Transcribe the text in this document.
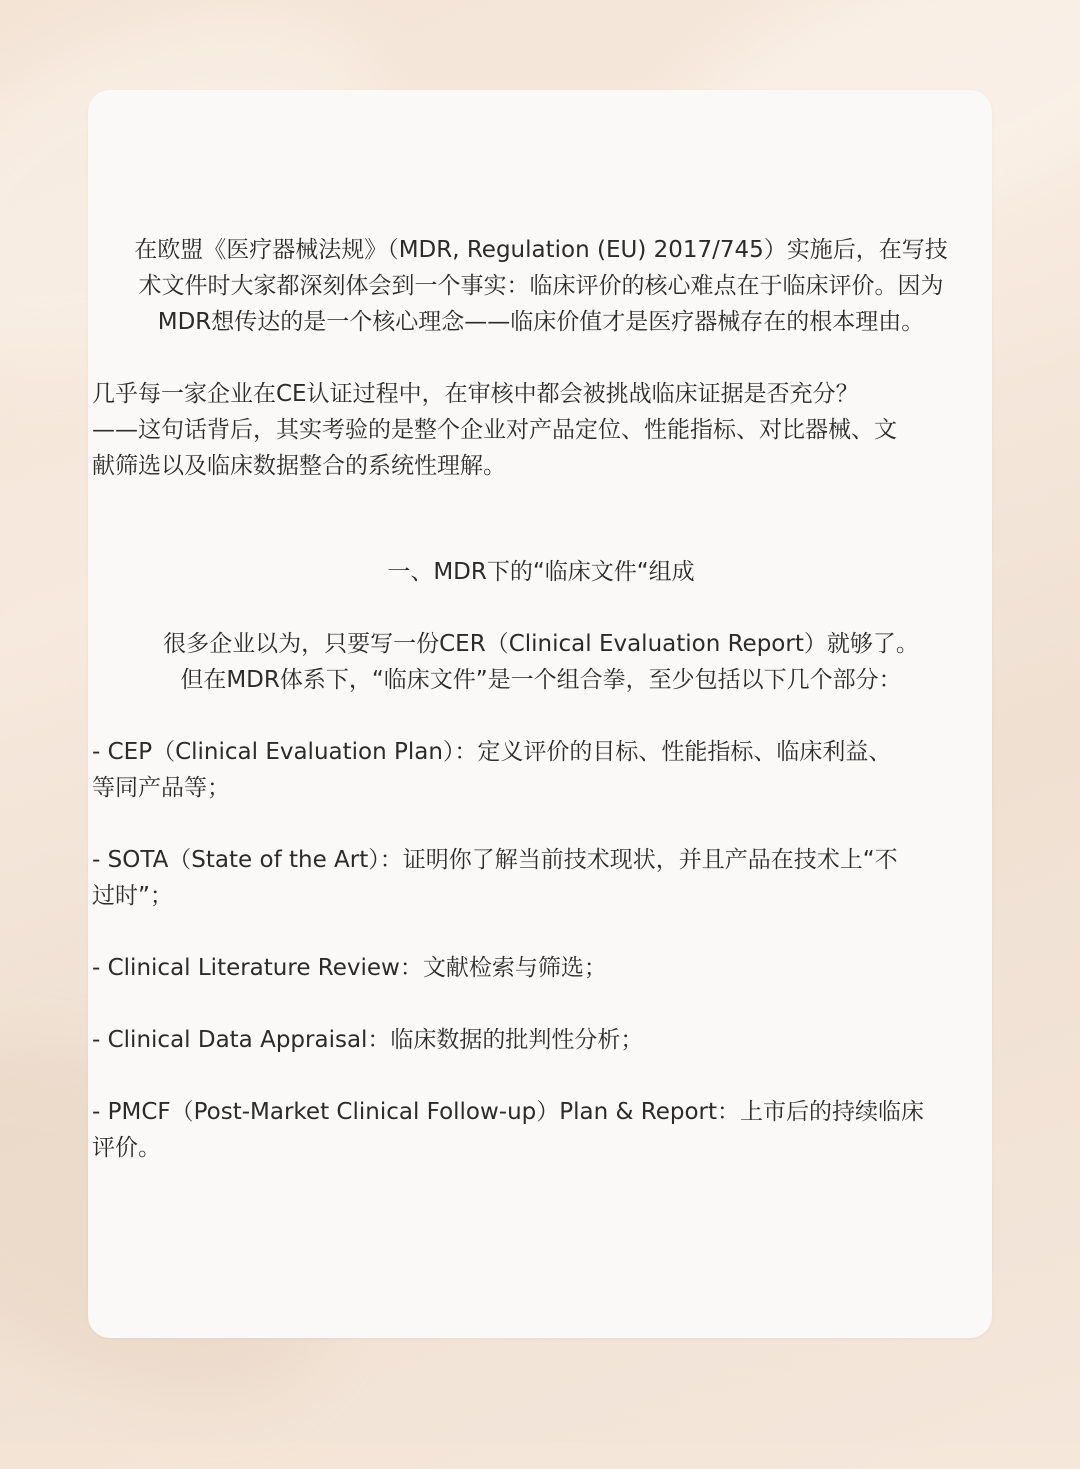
在欧盟《医疗器械法规》（MDR, Regulation (EU) 2017/745）实施后，在写技

术文件时大家都深刻体会到一个事实：临床评价的核心难点在于临床评价。因为

MDR想传达的是一个核心理念——临床价值才是医疗器械存在的根本理由。

几乎每一家企业在CE认证过程中，在审核中都会被挑战临床证据是否充分？

——这句话背后，其实考验的是整个企业对产品定位、性能指标、对比器械、文

献筛选以及临床数据整合的系统性理解。

一、MDR下的“临床文件“组成

很多企业以为，只要写一份CER（Clinical Evaluation Report）就够了。

但在MDR体系下，“临床文件”是一个组合拳，至少包括以下几个部分：

- CEP（Clinical Evaluation Plan）：定义评价的目标、性能指标、临床利益、

等同产品等；

- SOTA（State of the Art）：证明你了解当前技术现状，并且产品在技术上“不

过时”；

- Clinical Literature Review：文献检索与筛选；

- Clinical Data Appraisal：临床数据的批判性分析；

- PMCF（Post-Market Clinical Follow-up）Plan & Report：上市后的持续临床

评价。
